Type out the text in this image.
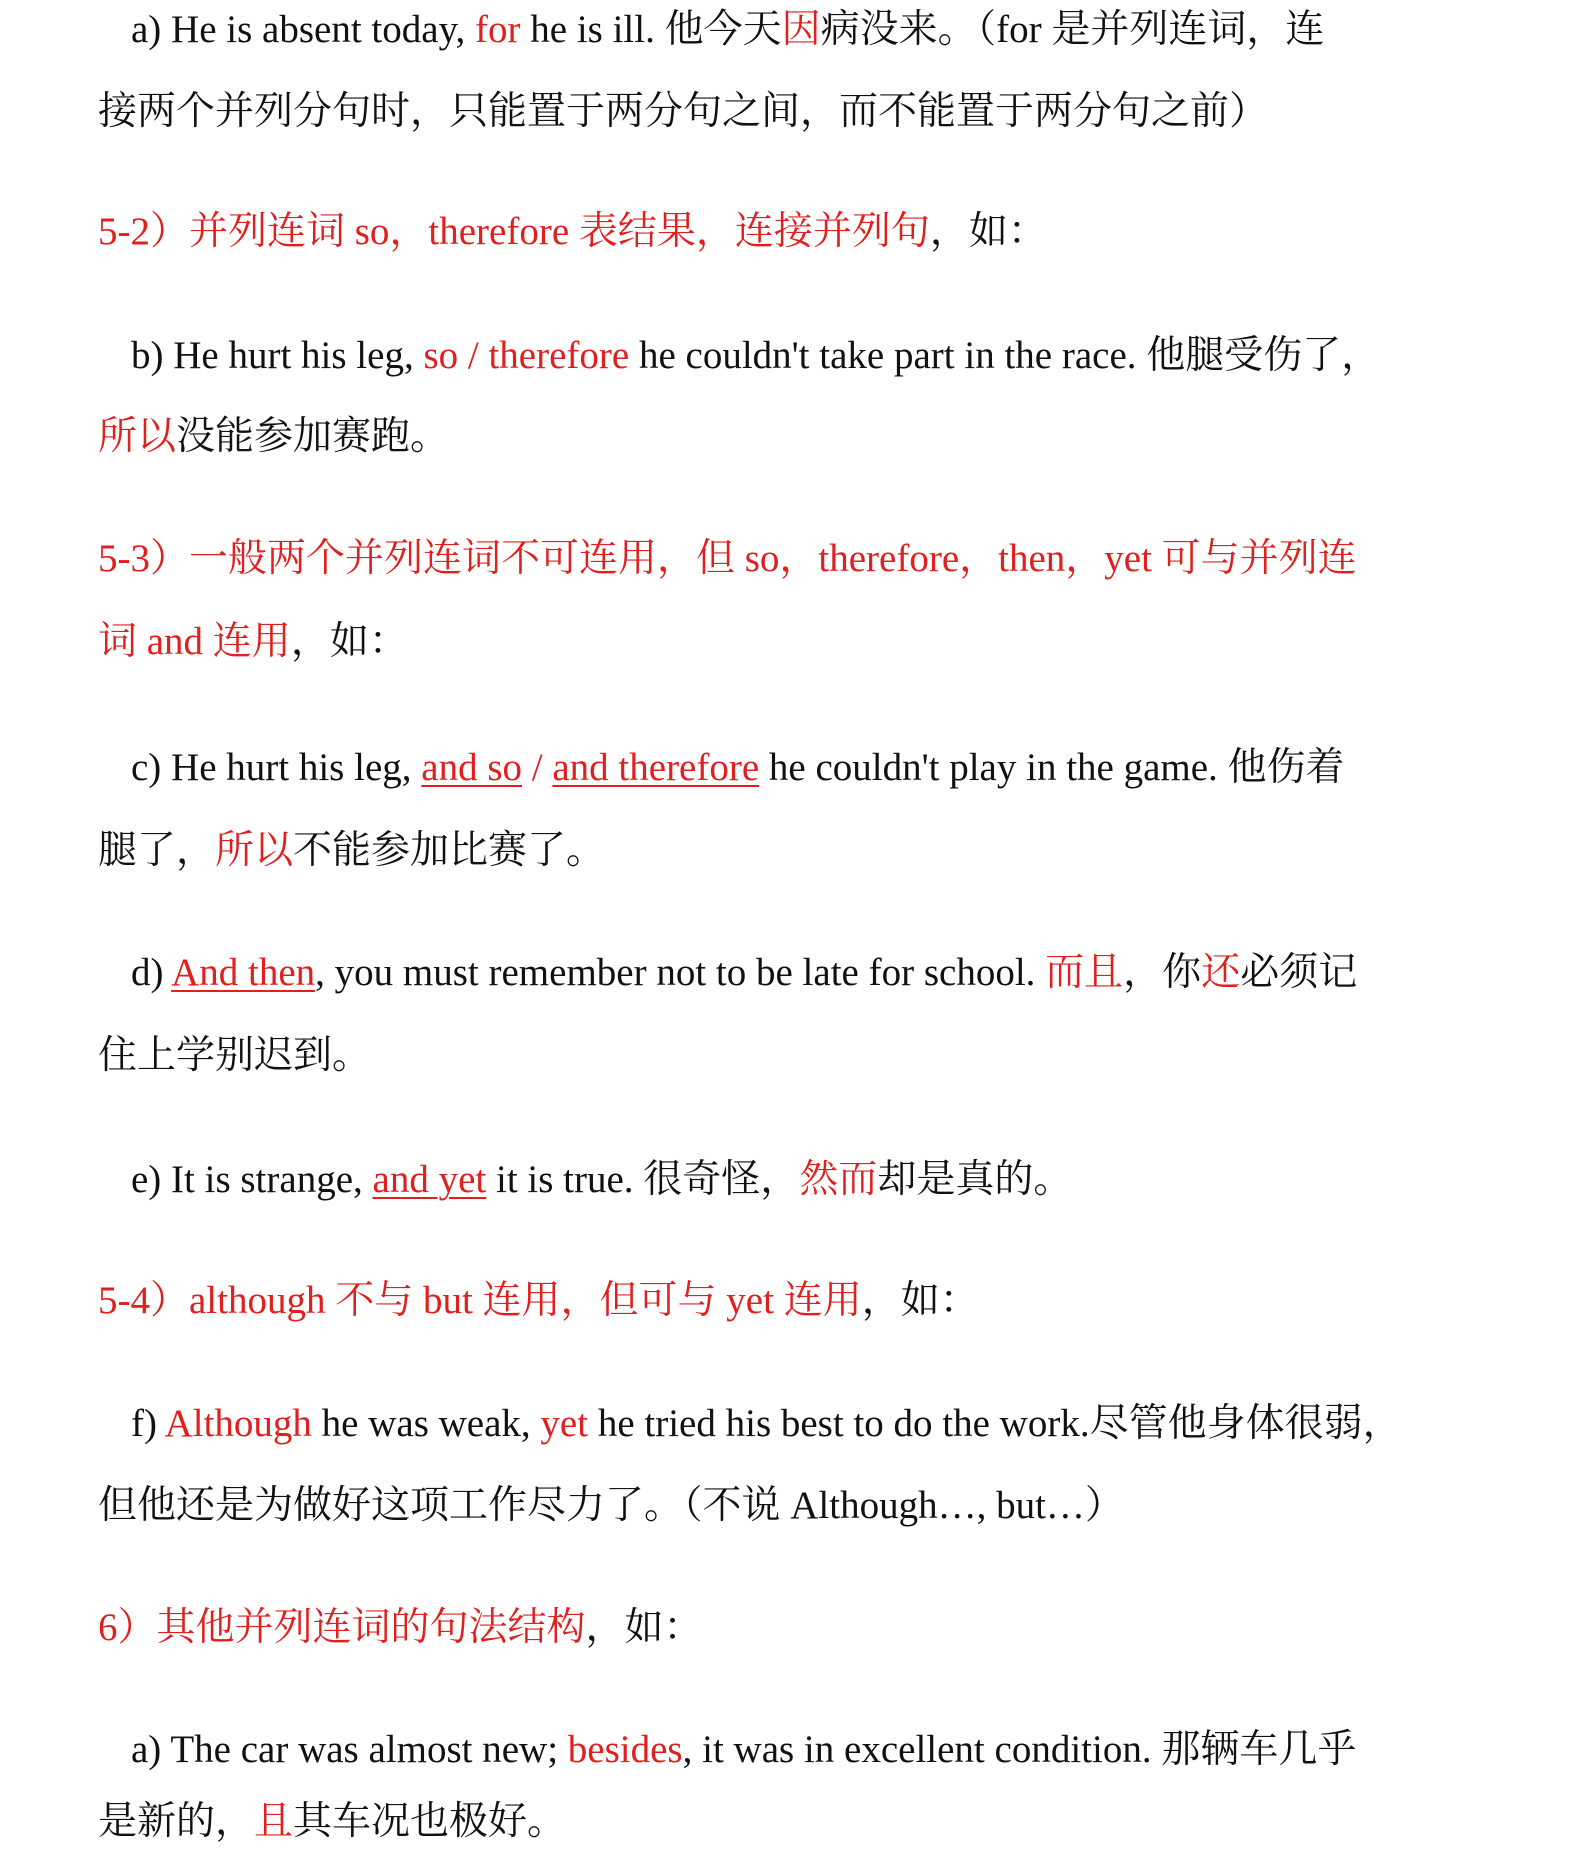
a) He is absent today, for he is ill. 他今天因病没来。（for 是并列连词，连
接两个并列分句时，只能置于两分句之间，而不能置于两分句之前）
5-2）并列连词 so，therefore 表结果，连接并列句，如：
b) He hurt his leg, so / therefore he couldn't take part in the race. 他腿受伤了，
所以没能参加赛跑。
5-3）一般两个并列连词不可连用，但 so，therefore，then，yet 可与并列连
词 and 连用，如：
c) He hurt his leg, and so / and therefore he couldn't play in the game. 他伤着
腿了，所以不能参加比赛了。
d) And then, you must remember not to be late for school. 而且，你还必须记
住上学别迟到。
e) It is strange, and yet it is true. 很奇怪，然而却是真的。
5-4）although 不与 but 连用，但可与 yet 连用，如：
f) Although he was weak, yet he tried his best to do the work.尽管他身体很弱，
但他还是为做好这项工作尽力了。（不说 Although…, but…）
6）其他并列连词的句法结构，如：
a) The car was almost new; besides, it was in excellent condition. 那辆车几乎
是新的，且其车况也极好。
